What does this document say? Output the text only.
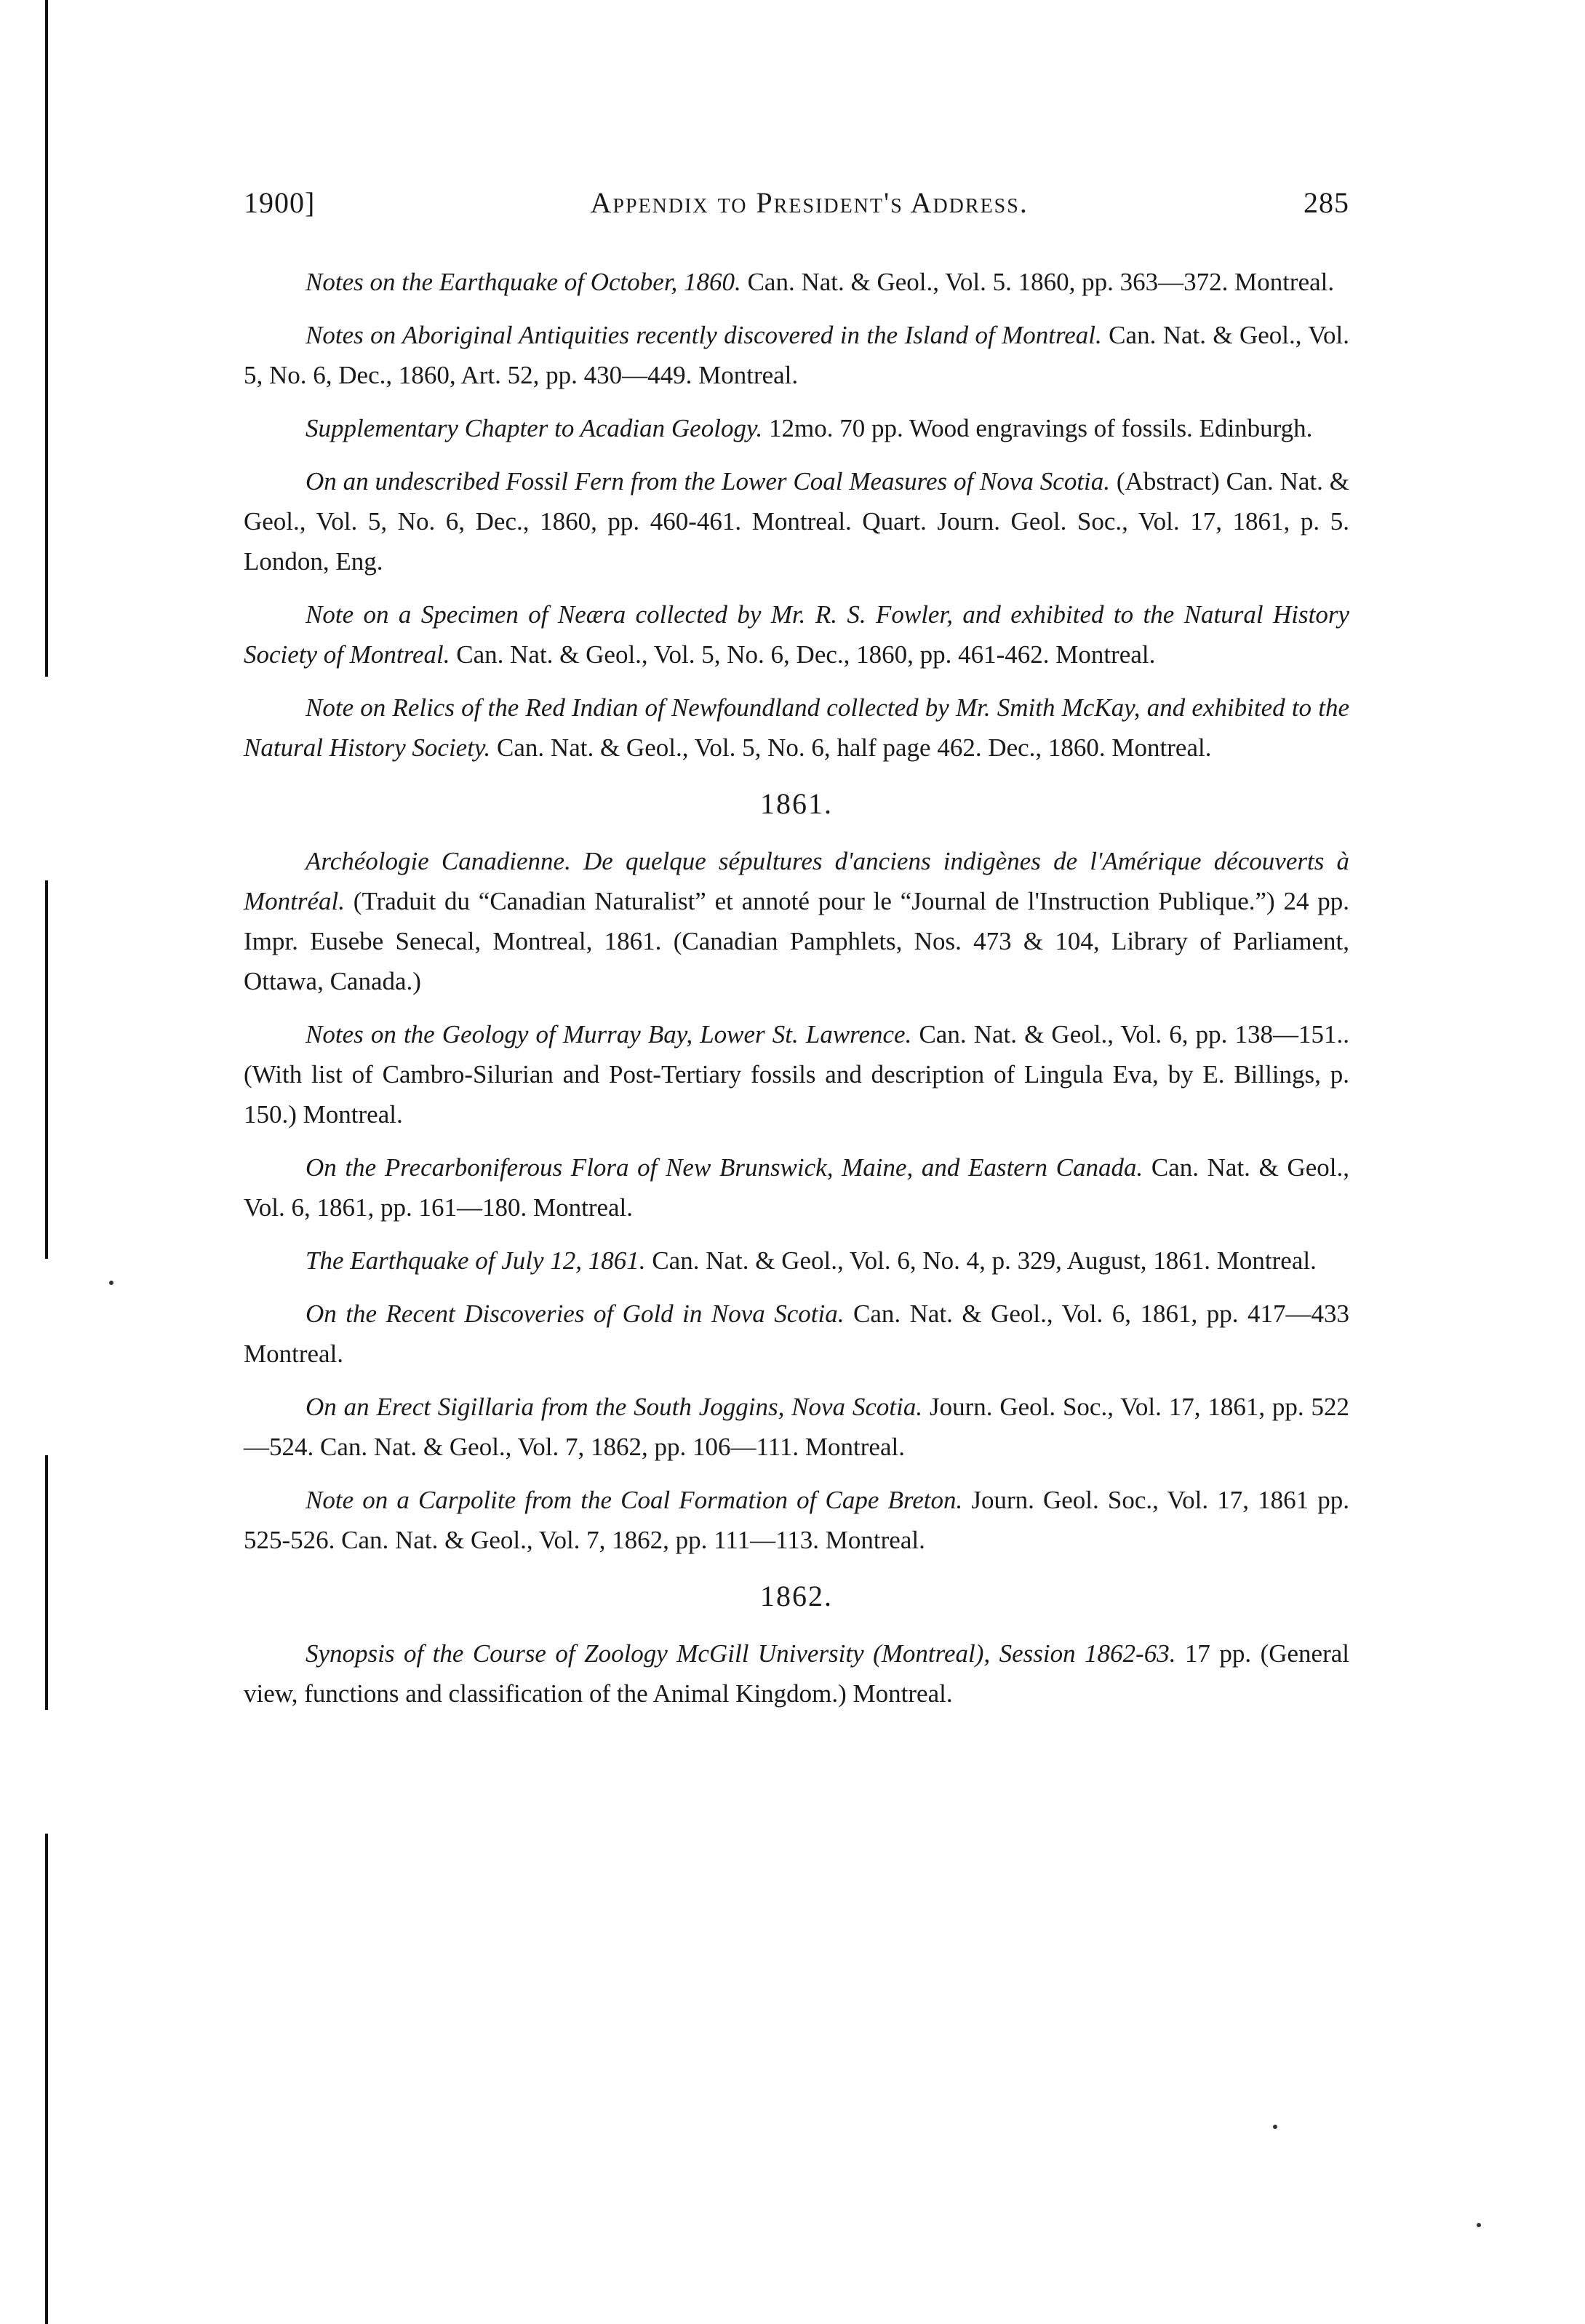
1900]	Appendix to President's Address.	285

Notes on the Earthquake of October, 1860. Can. Nat. & Geol., Vol. 5. 1860, pp. 363—372. Montreal.

Notes on Aboriginal Antiquities recently discovered in the Island of Montreal. Can. Nat. & Geol., Vol. 5, No. 6, Dec., 1860, Art. 52, pp. 430—449. Montreal.

Supplementary Chapter to Acadian Geology. 12mo. 70 pp. Wood engravings of fossils. Edinburgh.

On an undescribed Fossil Fern from the Lower Coal Measures of Nova Scotia. (Abstract) Can. Nat. & Geol., Vol. 5, No. 6, Dec., 1860, pp. 460-461. Montreal. Quart. Journ. Geol. Soc., Vol. 17, 1861, p. 5. London, Eng.

Note on a Specimen of Neæra collected by Mr. R. S. Fowler, and exhibited to the Natural History Society of Montreal. Can. Nat. & Geol., Vol. 5, No. 6, Dec., 1860, pp. 461-462. Montreal.

Note on Relics of the Red Indian of Newfoundland collected by Mr. Smith McKay, and exhibited to the Natural History Society. Can. Nat. & Geol., Vol. 5, No. 6, half page 462. Dec., 1860. Montreal.

1861.

Archéologie Canadienne. De quelque sépultures d'anciens indigènes de l'Amérique découverts à Montréal. (Traduit du “Canadian Naturalist” et annoté pour le “Journal de l'Instruction Publique.”) 24 pp. Impr. Eusebe Senecal, Montreal, 1861. (Canadian Pamphlets, Nos. 473 & 104, Library of Parliament, Ottawa, Canada.)

Notes on the Geology of Murray Bay, Lower St. Lawrence. Can. Nat. & Geol., Vol. 6, pp. 138—151.. (With list of Cambro-Silurian and Post-Tertiary fossils and description of Lingula Eva, by E. Billings, p. 150.) Montreal.

On the Precarboniferous Flora of New Brunswick, Maine, and Eastern Canada. Can. Nat. & Geol., Vol. 6, 1861, pp. 161—180. Montreal.

The Earthquake of July 12, 1861. Can. Nat. & Geol., Vol. 6, No. 4, p. 329, August, 1861. Montreal.

On the Recent Discoveries of Gold in Nova Scotia. Can. Nat. & Geol., Vol. 6, 1861, pp. 417—433 Montreal.

On an Erect Sigillaria from the South Joggins, Nova Scotia. Journ. Geol. Soc., Vol. 17, 1861, pp. 522—524. Can. Nat. & Geol., Vol. 7, 1862, pp. 106—111. Montreal.

Note on a Carpolite from the Coal Formation of Cape Breton. Journ. Geol. Soc., Vol. 17, 1861 pp. 525-526. Can. Nat. & Geol., Vol. 7, 1862, pp. 111—113. Montreal.

1862.

Synopsis of the Course of Zoology McGill University (Montreal), Session 1862-63. 17 pp. (General view, functions and classification of the Animal Kingdom.) Montreal.
